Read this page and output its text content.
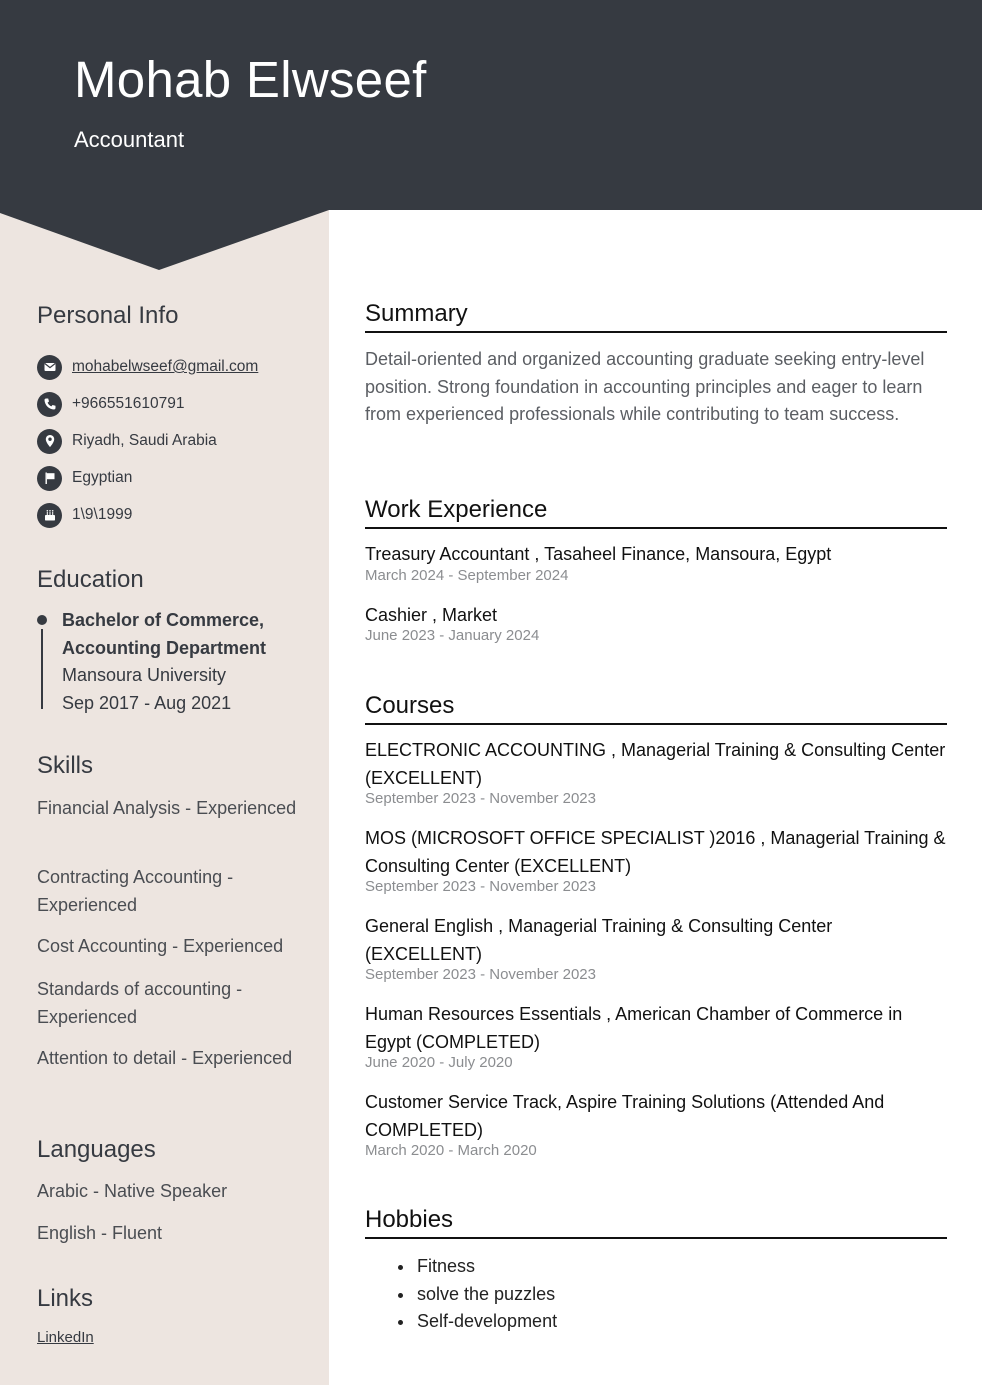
Mohab Elwseef
Accountant
Personal Info
mohabelwseef@gmail.com
+966551610791
Riyadh, Saudi Arabia
Egyptian
1\9\1999
Education
Bachelor of Commerce, Accounting Department
Mansoura University
Sep 2017 - Aug 2021
Skills
Financial Analysis - Experienced
Contracting Accounting - Experienced
Cost Accounting - Experienced
Standards of accounting - Experienced
Attention to detail - Experienced
Languages
Arabic - Native Speaker
English - Fluent
Links
LinkedIn
Summary
Detail-oriented and organized accounting graduate seeking entry-level position. Strong foundation in accounting principles and eager to learn from experienced professionals while contributing to team success.
Work Experience
Treasury Accountant , Tasaheel Finance, Mansoura, Egypt
March 2024 - September 2024
Cashier , Market
June 2023 - January 2024
Courses
ELECTRONIC ACCOUNTING , Managerial Training & Consulting Center (EXCELLENT)
September 2023 - November 2023
MOS (MICROSOFT OFFICE SPECIALIST )2016 , Managerial Training & Consulting Center (EXCELLENT)
September 2023 - November 2023
General English , Managerial Training & Consulting Center (EXCELLENT)
September 2023 - November 2023
Human Resources Essentials , American Chamber of Commerce in Egypt (COMPLETED)
June 2020 - July 2020
Customer Service Track, Aspire Training Solutions (Attended And COMPLETED)
March 2020 - March 2020
Hobbies
• Fitness
• solve the puzzles
• Self-development
